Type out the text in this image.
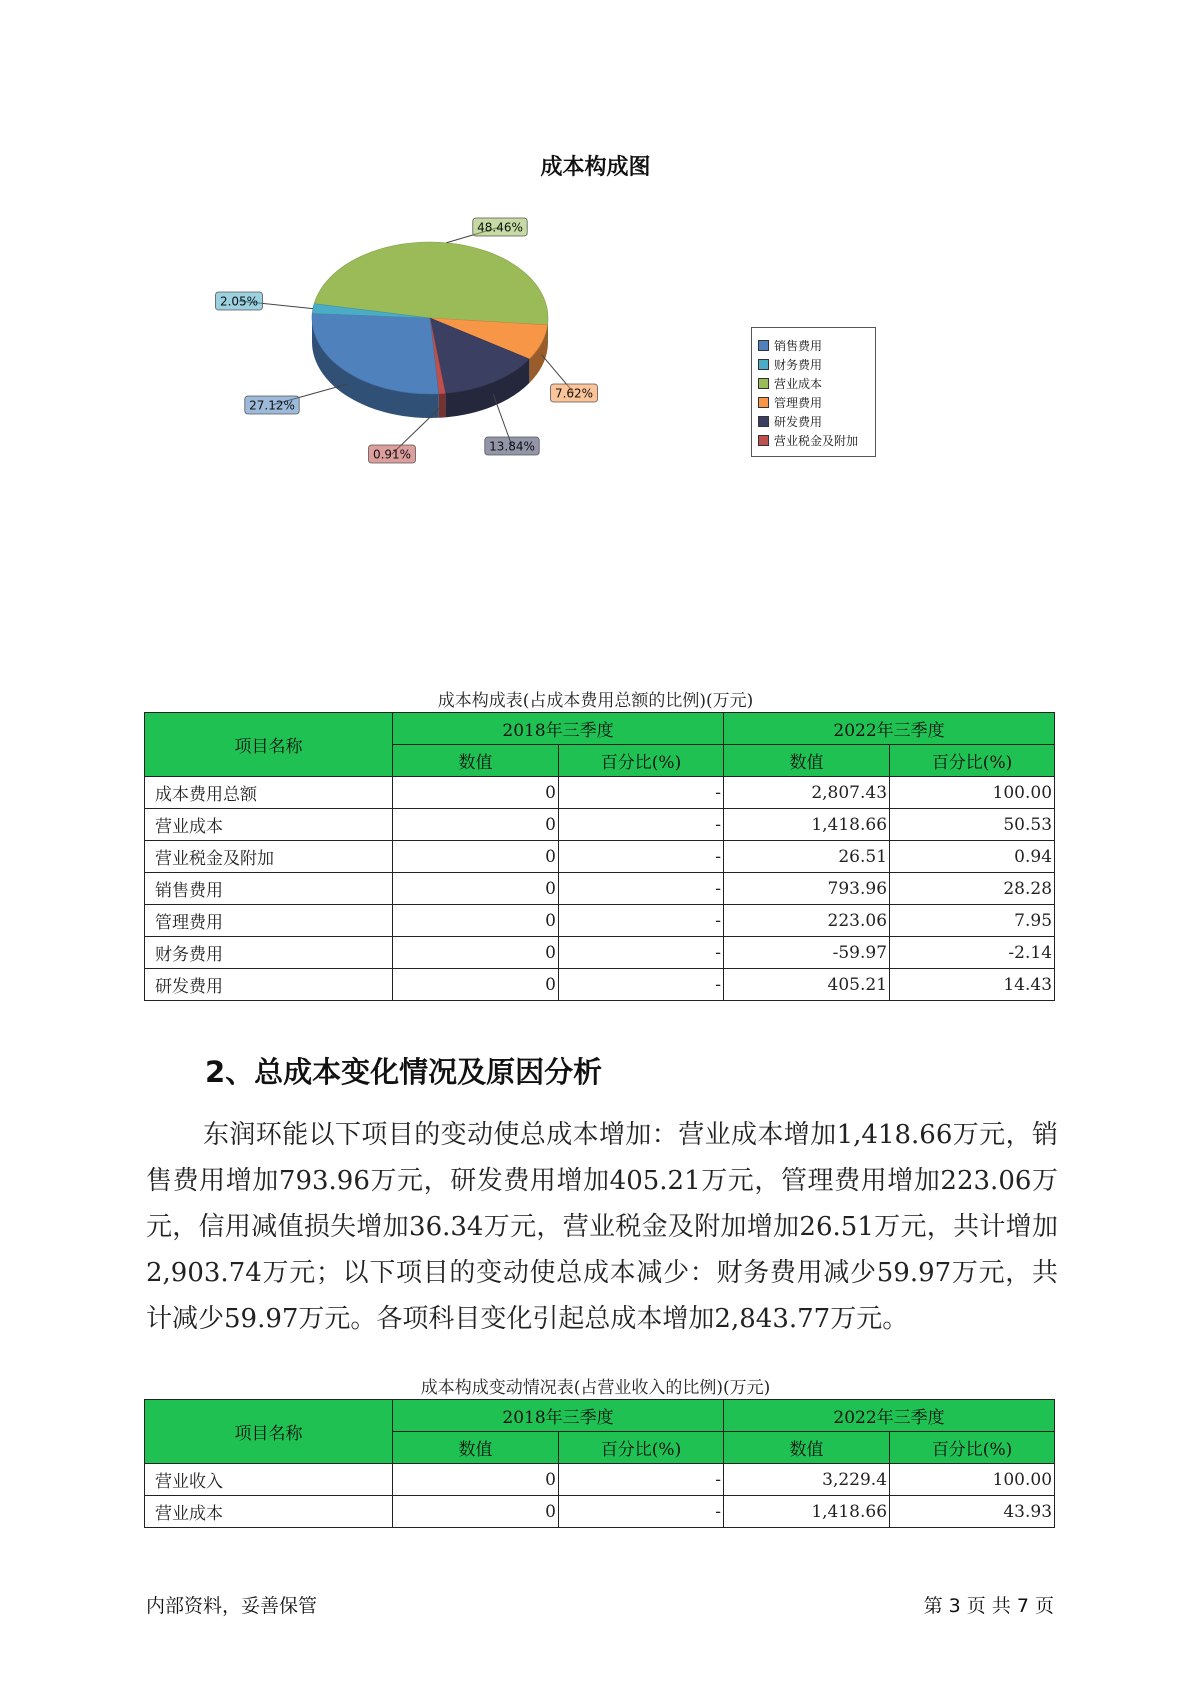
成本构成图
48.46%
7.62%
13.84%
0.91%
27.12%
2.05%
销售费用
财务费用
营业成本
管理费用
研发费用
营业税金及附加
成本构成表(占成本费用总额的比例)(万元)
项目名称	2018年三季度		2022年三季度	
	数值	百分比(%)	数值	百分比(%)
成本费用总额	0	-	2,807.43	100.00
营业成本	0	-	1,418.66	50.53
营业税金及附加	0	-	26.51	0.94
销售费用	0	-	793.96	28.28
管理费用	0	-	223.06	7.95
财务费用	0	-	-59.97	-2.14
研发费用	0	-	405.21	14.43
2、总成本变化情况及原因分析
东润环能以下项目的变动使总成本增加：营业成本增加1,418.66万元，销售费用增加793.96万元，研发费用增加405.21万元，管理费用增加223.06万元，信用减值损失增加36.34万元，营业税金及附加增加26.51万元，共计增加2,903.74万元；以下项目的变动使总成本减少：财务费用减少59.97万元，共计减少59.97万元。各项科目变化引起总成本增加2,843.77万元。
成本构成变动情况表(占营业收入的比例)(万元)
项目名称	2018年三季度		2022年三季度	
	数值	百分比(%)	数值	百分比(%)
营业收入	0	-	3,229.4	100.00
营业成本	0	-	1,418.66	43.93
内部资料，妥善保管	第 3 页 共 7 页
